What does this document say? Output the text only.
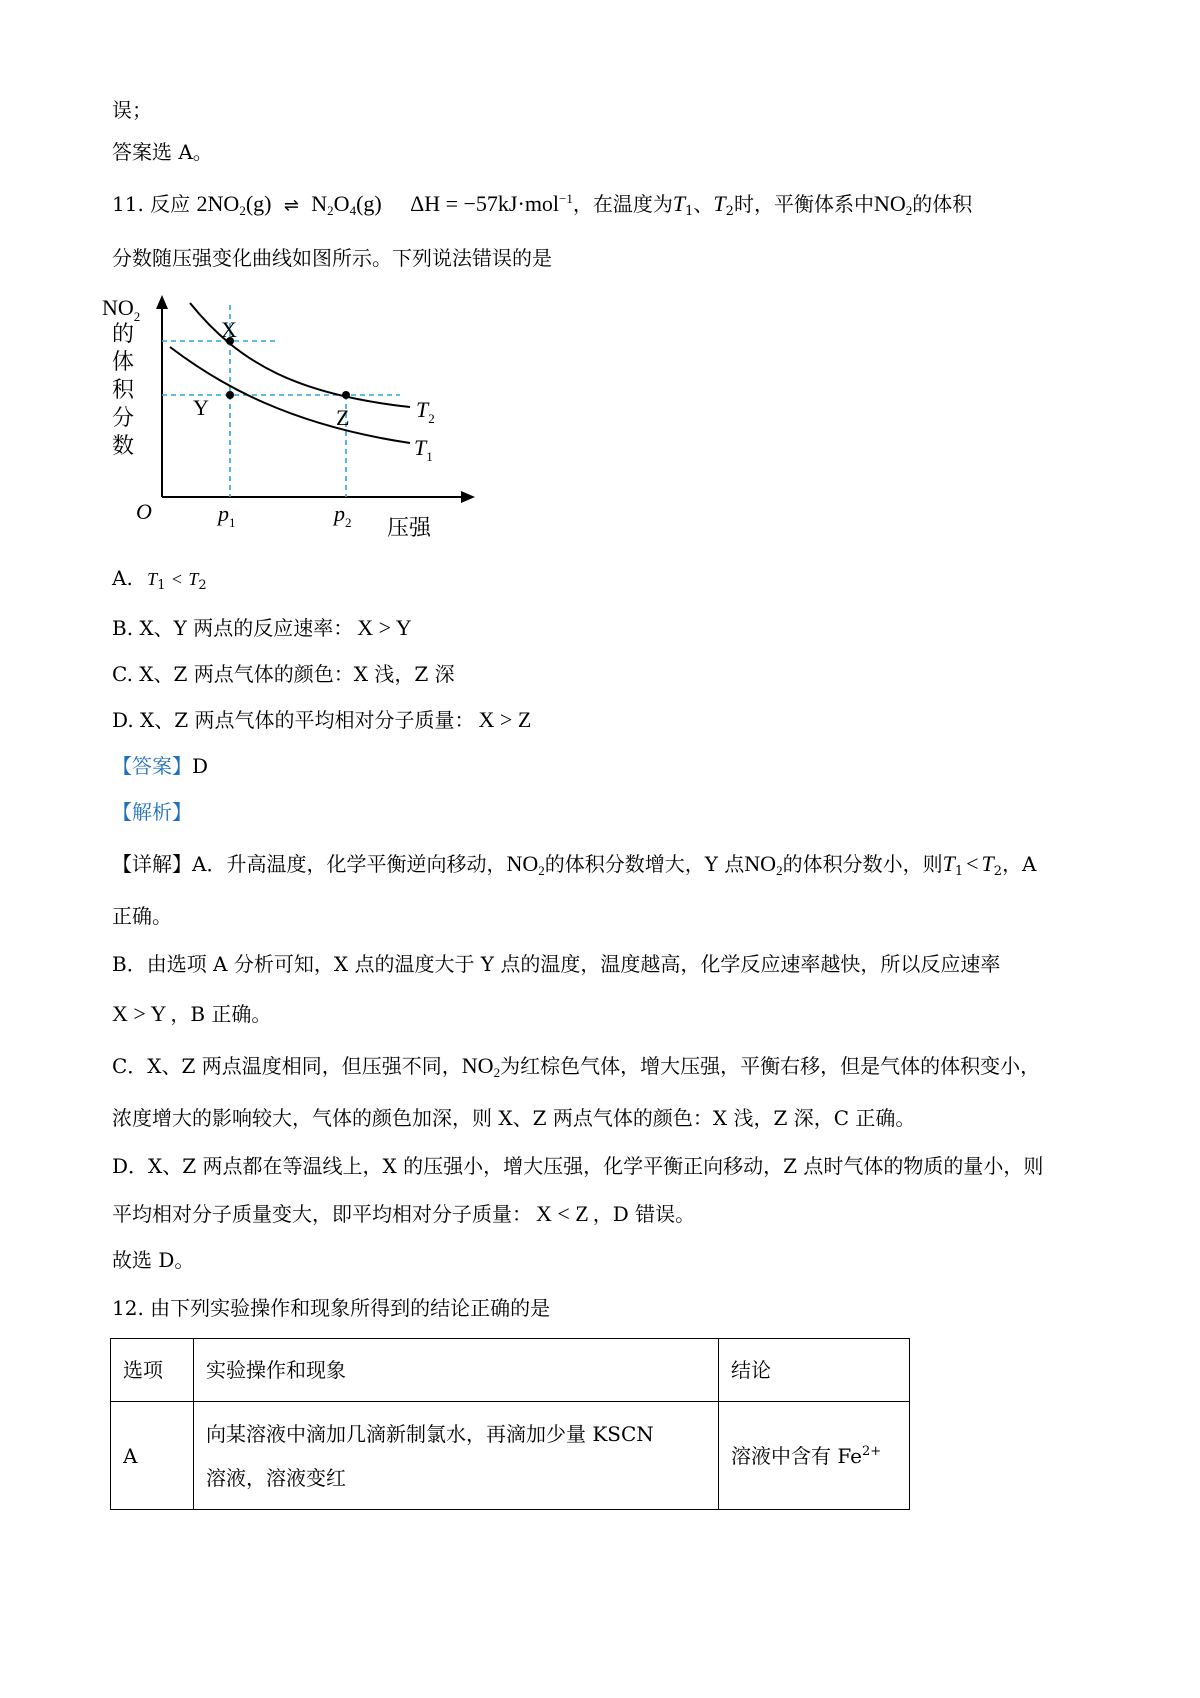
误；
答案选 A。
11. 反应 $2NO_2(g)$ ⇌ $N_2O_4(g) \Delta H = -57kJ\cdot mol^{-1}$，在温度为$T_1$、$T_2$时，平衡体系中$NO_2$的体积
分数随压强变化曲线如图所示。下列说法错误的是
$NO_2$
的
体
积
分
数
O	$p_1$	$p_2$ 压强
X
Y	Z	$T_2$
$T_1$
A. $T_1 < T_2$
B. X、Y 两点的反应速率： X > Y
C. X、Z 两点气体的颜色：X 浅，Z 深
D. X、Z 两点气体的平均相对分子质量： X > Z
【答案】D
【解析】
【详解】A．升高温度，化学平衡逆向移动，$NO_2$的体积分数增大，Y 点$NO_2$的体积分数小，则$T_1 < T_2$，A
正确。
B．由选项 A 分析可知，X 点的温度大于 Y 点的温度，温度越高，化学反应速率越快，所以反应速率
X > Y ，B 正确。
C．X、Z 两点温度相同，但压强不同，$NO_2$为红棕色气体，增大压强，平衡右移，但是气体的体积变小，
浓度增大的影响较大，气体的颜色加深，则 X、Z 两点气体的颜色：X 浅，Z 深，C 正确。
D．X、Z 两点都在等温线上，X 的压强小，增大压强，化学平衡正向移动，Z 点时气体的物质的量小，则
平均相对分子质量变大，即平均相对分子质量： X < Z ，D 错误。
故选 D。
12. 由下列实验操作和现象所得到的结论正确的是
选项	实验操作和现象	结论
A	向某溶液中滴加几滴新制氯水，再滴加少量 KSCN
溶液，溶液变红	溶液中含有 $Fe^{2+}$
